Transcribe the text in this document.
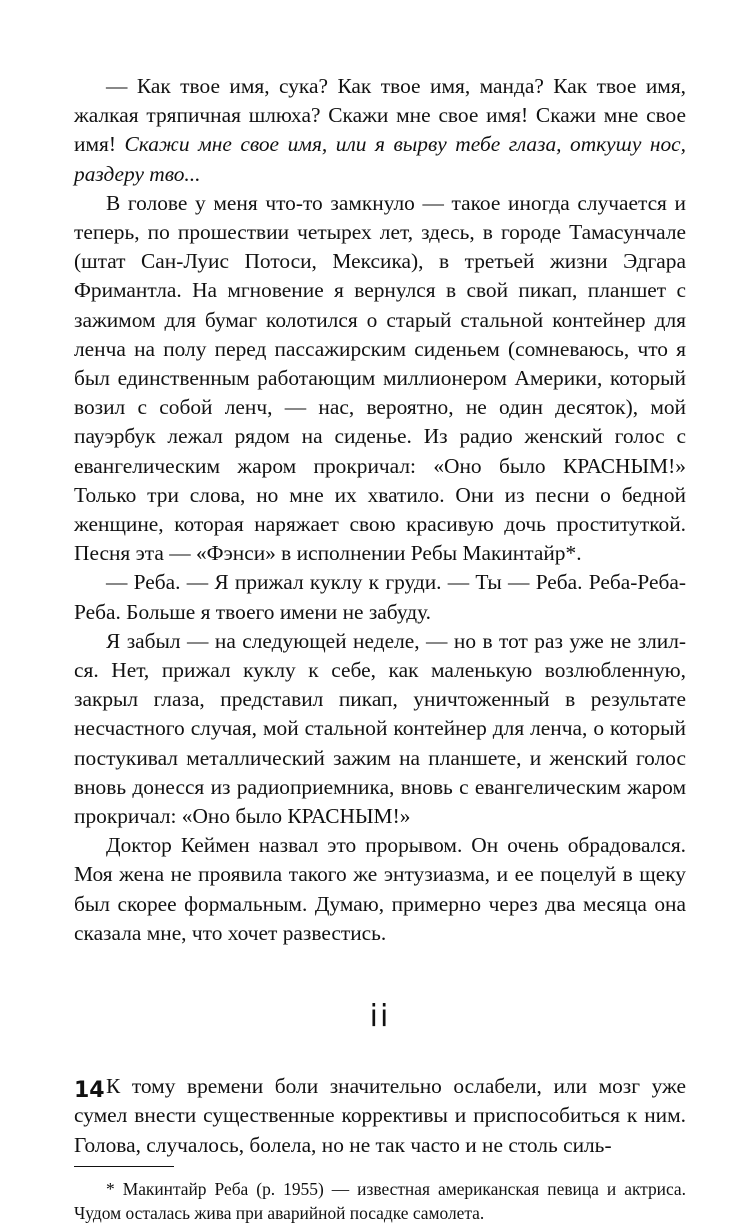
— Как твое имя, сука? Как твое имя, манда? Как твое имя, жалкая тряпичная шлюха? Скажи мне свое имя! Скажи мне свое имя! Скажи мне свое имя, или я вырву тебе глаза, откушу нос, раздеру тво...

В голове у меня что-то замкнуло — такое иногда случается и теперь, по прошествии четырех лет, здесь, в городе Тамасунчале (штат Сан-Луис Потоси, Мексика), в третьей жизни Эдгара Фримантла. На мгновение я вернулся в свой пикап, планшет с зажимом для бумаг колотился о старый стальной контейнер для ленча на полу перед пассажирским сиденьем (сомневаюсь, что я был единственным работающим миллионером Америки, который возил с собой ленч, — нас, вероятно, не один десяток), мой пауэрбук лежал рядом на сиденье. Из радио женский голос с евангелическим жаром прокричал: «Оно было КРАСНЫМ!» Только три слова, но мне их хватило. Они из песни о бедной женщине, которая наряжает свою красивую дочь проституткой. Песня эта — «Фэнси» в исполнении Ребы Макинтайр*.

— Реба. — Я прижал куклу к груди. — Ты — Реба. Реба-Реба-Реба. Больше я твоего имени не забуду.

Я забыл — на следующей неделе, — но в тот раз уже не злился. Нет, прижал куклу к себе, как маленькую возлюбленную, закрыл глаза, представил пикап, уничтоженный в результате несчастного случая, мой стальной контейнер для ленча, о который постукивал металлический зажим на планшете, и женский голос вновь донесся из радиоприемника, вновь с евангелическим жаром прокричал: «Оно было КРАСНЫМ!»

Доктор Кеймен назвал это прорывом. Он очень обрадовался. Моя жена не проявила такого же энтузиазма, и ее поцелуй в щеку был скорее формальным. Думаю, примерно через два месяца она сказала мне, что хочет развестись.

ii

К тому времени боли значительно ослабели, или мозг уже сумел внести существенные коррективы и приспособиться к ним. Голова, случалось, болела, но не так часто и не столь силь-

* Макинтайр Реба (р. 1955) — известная американская певица и актриса. Чудом осталась жива при аварийной посадке самолета.

14
